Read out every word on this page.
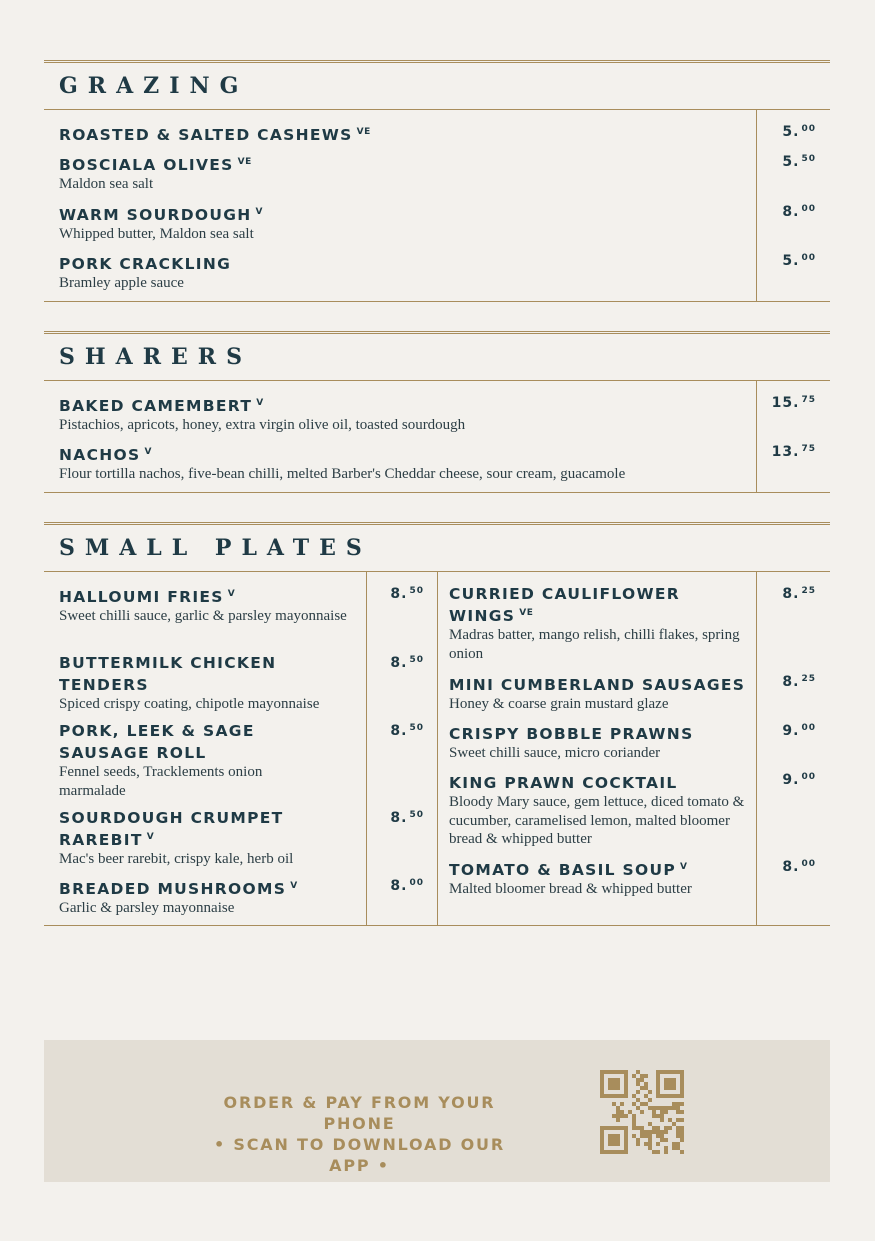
GRAZING
ROASTED & SALTED CASHEWS $^{VE}$	5. $^{00}$
BOSCIALA OLIVES $^{VE}$
Maldon sea salt
5. $^{50}$
WARM SOURDOUGH $^V$
Whipped butter, Maldon sea salt
8. $^{00}$
PORK CRACKLING
Bramley apple sauce
5. $^{00}$
SHARERS
BAKED CAMEMBERT $^V$
Pistachios, apricots, honey, extra virgin olive oil, toasted sourdough
15. $^{75}$
NACHOS $^V$
Flour tortilla nachos, five-bean chilli, melted Barber's Cheddar cheese, sour cream, guacamole
13. $^{75}$
SMALL PLATES
HALLOUMI FRIES $^V$
Sweet chilli sauce, garlic & parsley mayonnaise
8. $^{50}$
BUTTERMILK CHICKEN TENDERS
Spiced crispy coating, chipotle mayonnaise
8. $^{50}$
PORK, LEEK & SAGE SAUSAGE ROLL
Fennel seeds, Tracklements onion marmalade
8. $^{50}$
SOURDOUGH CRUMPET RAREBIT $^V$
Mac's beer rarebit, crispy kale, herb oil
8. $^{50}$
BREADED MUSHROOMS $^V$
Garlic & parsley mayonnaise
8. $^{00}$
CURRIED CAULIFLOWER WINGS $^{VE}$
Madras batter, mango relish, chilli flakes, spring onion
8. $^{25}$
MINI CUMBERLAND SAUSAGES
Honey & coarse grain mustard glaze
8. $^{25}$
CRISPY BOBBLE PRAWNS
Sweet chilli sauce, micro coriander
9. $^{00}$
KING PRAWN COCKTAIL
Bloody Mary sauce, gem lettuce, diced tomato & cucumber, caramelised lemon, malted bloomer bread & whipped butter
9. $^{00}$
TOMATO & BASIL SOUP $^V$
Malted bloomer bread & whipped butter
8. $^{00}$
ORDER & PAY FROM YOUR PHONE
• SCAN TO DOWNLOAD OUR APP •
